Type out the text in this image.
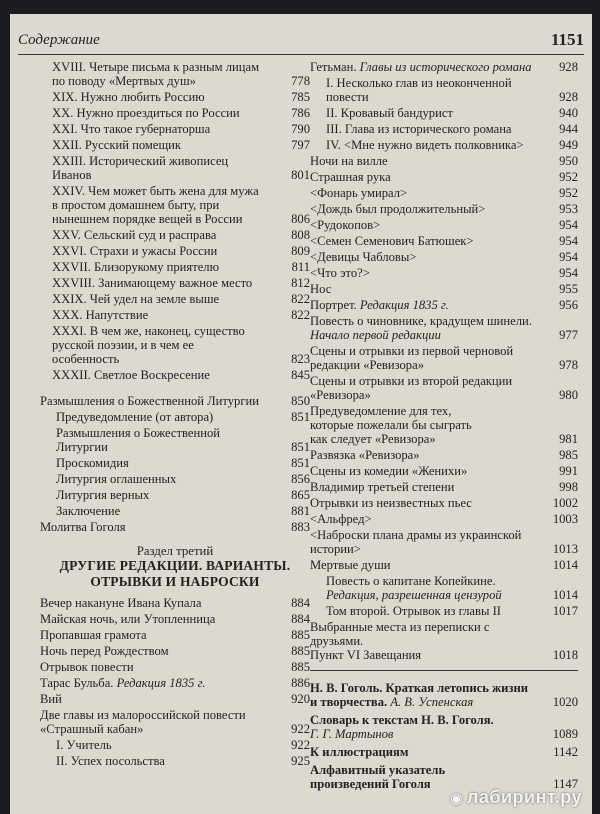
Содержание	1151
XVIII. Четыре письма к разным лицам
по поводу «Мертвых душ»	778
XIX. Нужно любить Россию	785
XX. Нужно проездиться по России	786
XXI. Что такое губернаторша	790
XXII. Русский помещик	797
XXIII. Исторический живописец
Иванов	801
XXIV. Чем может быть жена для мужа
в простом домашнем быту, при
нынешнем порядке вещей в России	806
XXV. Сельский суд и расправа	808
XXVI. Страхи и ужасы России	809
XXVII. Близорукому приятелю	811
XXVIII. Занимающему важное место	812
XXIX. Чей удел на земле выше	822
XXX. Напутствие	822
XXXI. В чем же, наконец, существо
русской поэзии, и в чем ее
особенность	823
XXXII. Светлое Воскресение	845
Размышления о Божественной Литургии	850
Предуведомление (от автора)	851
Размышления о Божественной
Литургии	851
Проскомидия	851
Литургия оглашенных	856
Литургия верных	865
Заключение	881
Молитва Гоголя	883
Раздел третий
ДРУГИЕ РЕДАКЦИИ. ВАРИАНТЫ.
ОТРЫВКИ И НАБРОСКИ
Вечер накануне Ивана Купала	884
Майская ночь, или Утопленница	884
Пропавшая грамота	885
Ночь перед Рождеством	885
Отрывок повести	885
Тарас Бульба. Редакция 1835 г.	886
Вий	920
Две главы из малороссийской повести
«Страшный кабан»	922
I. Учитель	922
II. Успех посольства	925
Гетьман. Главы из исторического романа	928
I. Несколько глав из неоконченной
повести	928
II. Кровавый бандурист	940
III. Глава из исторического романа	944
IV. <Мне нужно видеть полковника>	949
Ночи на вилле	950
Страшная рука	952
<Фонарь умирал>	952
<Дождь был продолжительный>	953
<Рудокопов>	954
<Семен Семенович Батюшек>	954
<Девицы Чабловы>	954
<Что это?>	954
Нос	955
Портрет. Редакция 1835 г.	956
Повесть о чиновнике, крадущем шинели.
Начало первой редакции	977
Сцены и отрывки из первой черновой
редакции «Ревизора»	978
Сцены и отрывки из второй редакции
«Ревизора»	980
Предуведомление для тех,
которые пожелали бы сыграть
как следует «Ревизора»	981
Развязка «Ревизора»	985
Сцены из комедии «Женихи»	991
Владимир третьей степени	998
Отрывки из неизвестных пьес	1002
<Альфред>	1003
<Наброски плана драмы из украинской
истории>	1013
Мертвые души	1014
Повесть о капитане Копейкине.
Редакция, разрешенная цензурой	1014
Том второй. Отрывок из главы II	1017
Выбранные места из переписки с друзьями.
Пункт VI Завещания	1018
Н. В. Гоголь. Краткая летопись жизни
и творчества. А. В. Успенская	1020
Словарь к текстам Н. В. Гоголя.
Г. Г. Мартынов	1089
К иллюстрациям	1142
Алфавитный указатель
произведений Гоголя	1147
◉ лабиринт.ру
